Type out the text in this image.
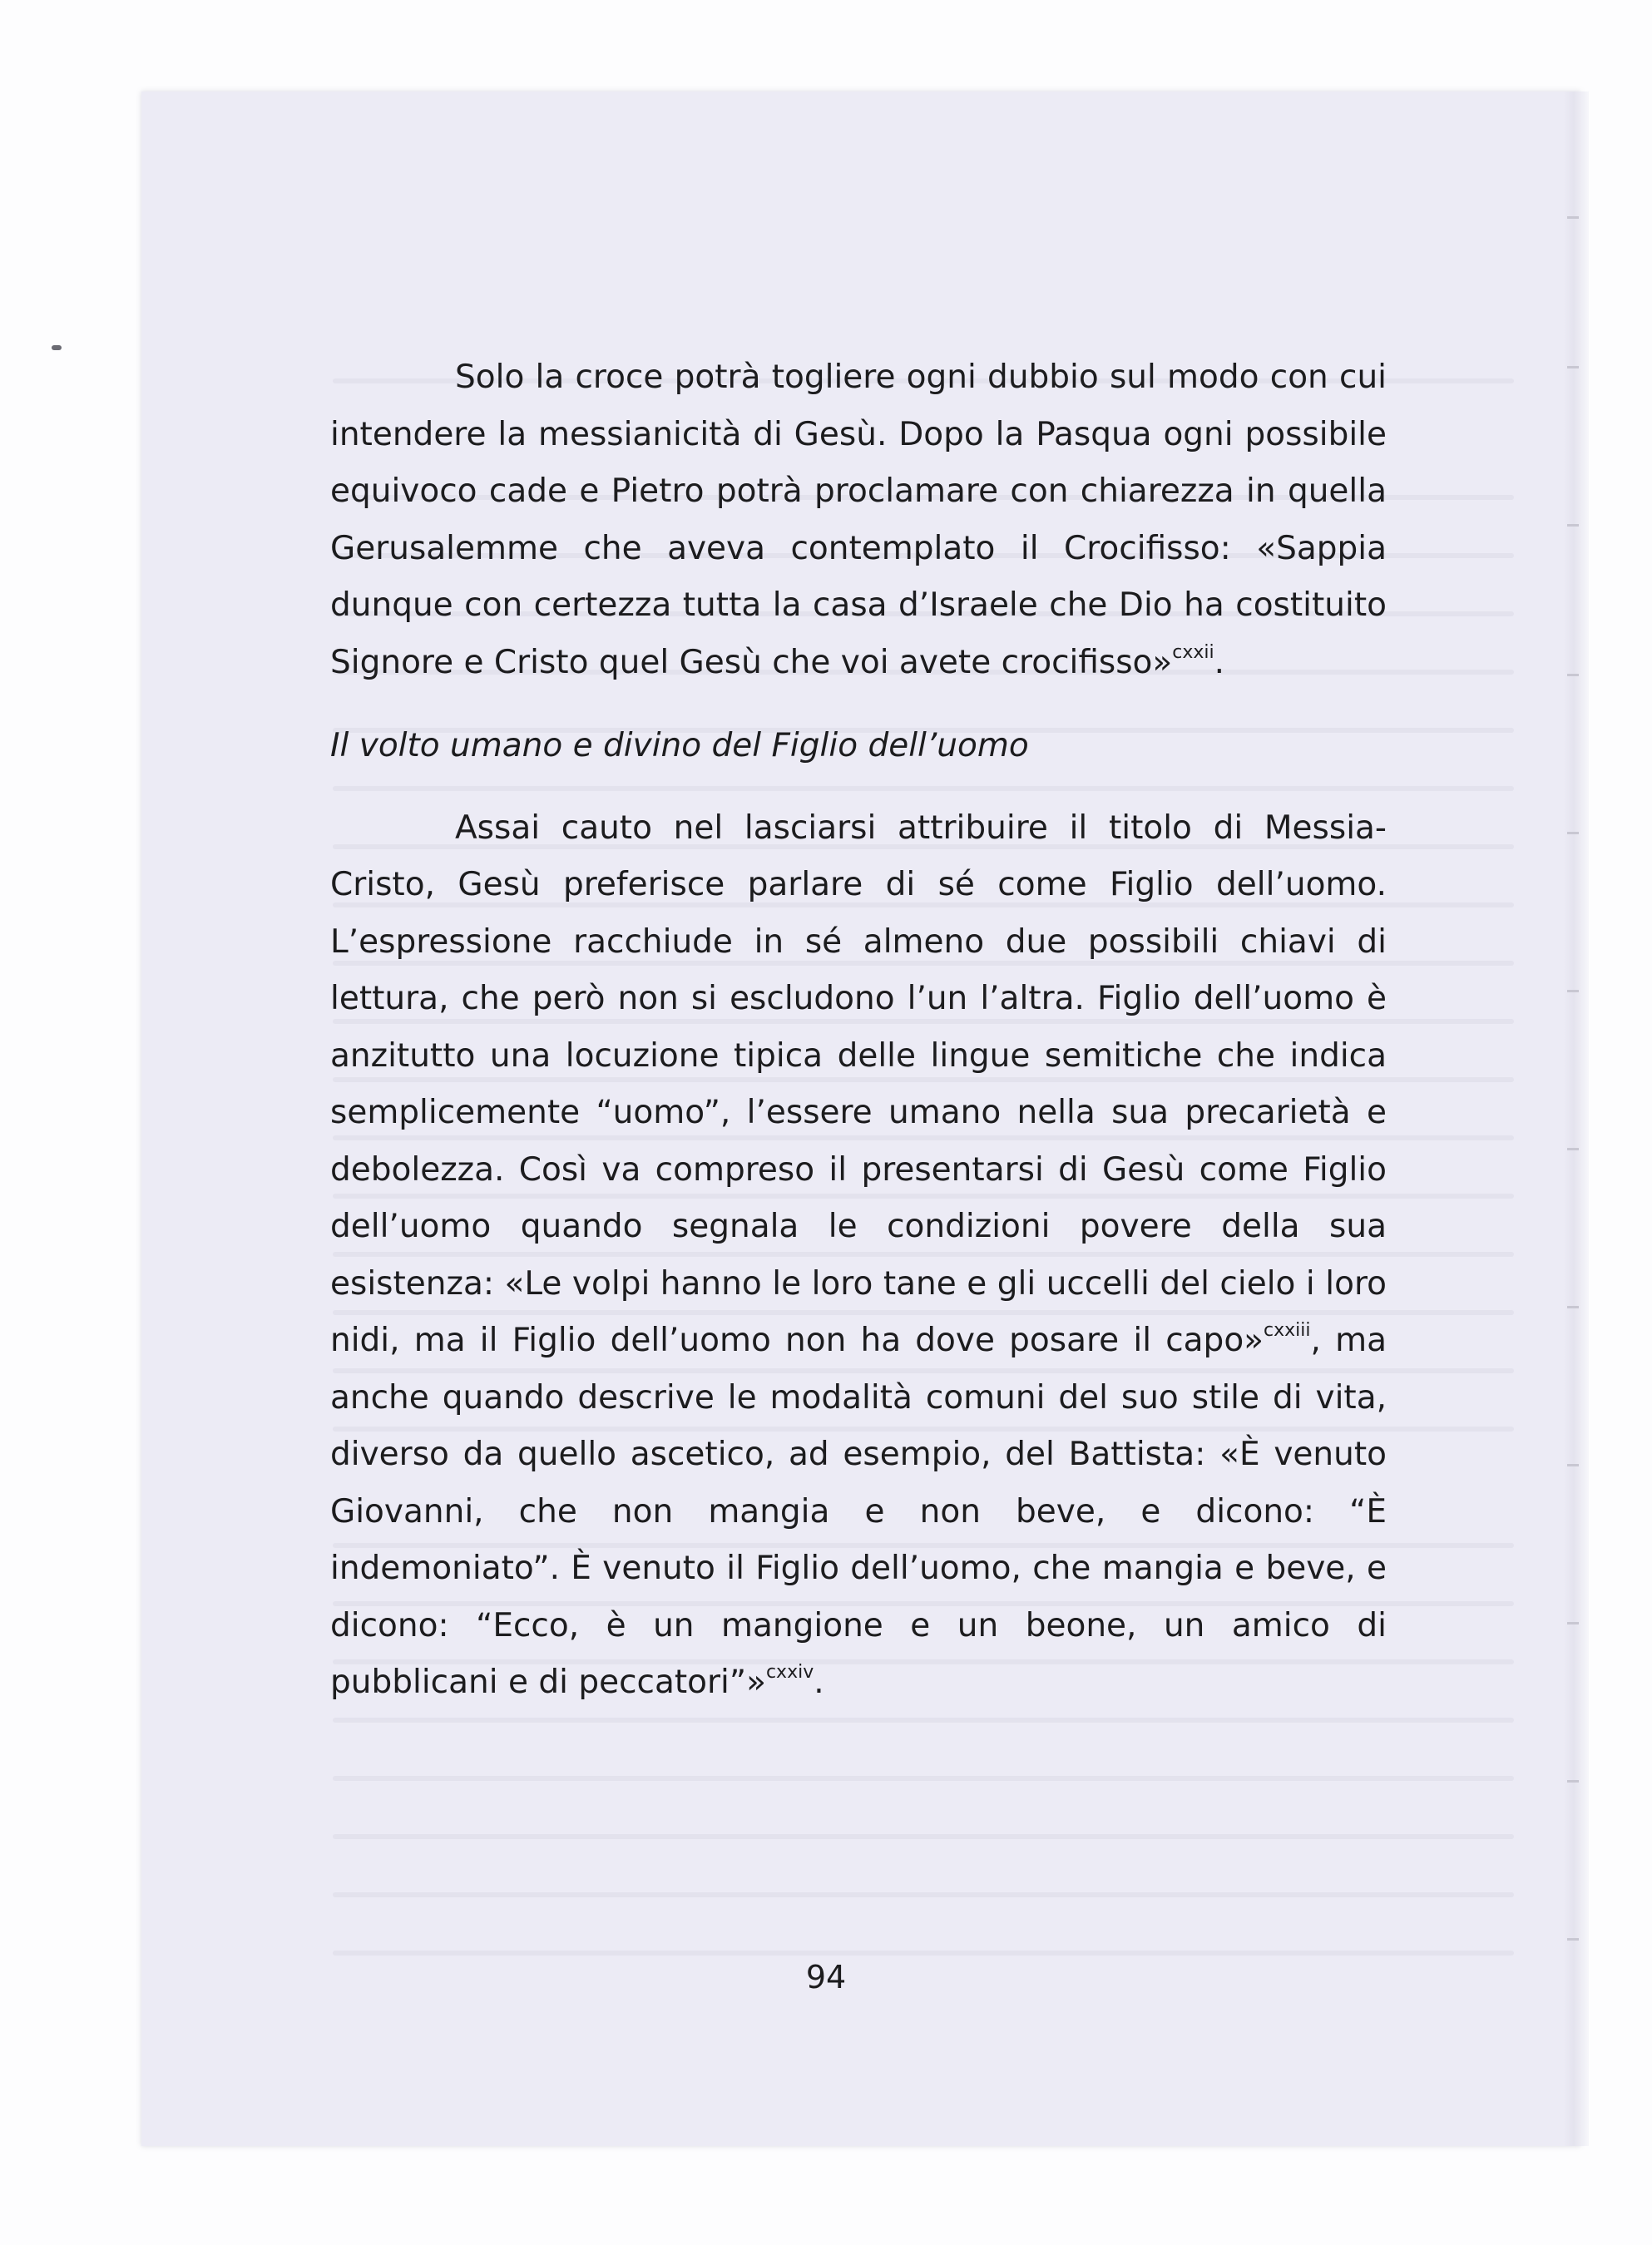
Solo la croce potrà togliere ogni dubbio sul modo con cui intendere la messianicità di Gesù. Dopo la Pasqua ogni possibile equivoco cade e Pietro potrà proclamare con chiarezza in quella Gerusalemme che aveva contemplato il Crocifisso: «Sappia dunque con certezza tutta la casa d’Israele che Dio ha costituito Signore e Cristo quel Gesù che voi avete crocifisso»$^{cxxii}$.

Il volto umano e divino del Figlio dell’uomo

Assai cauto nel lasciarsi attribuire il titolo di Messia-Cristo, Gesù preferisce parlare di sé come Figlio dell’uomo. L’espressione racchiude in sé almeno due possibili chiavi di lettura, che però non si escludono l’un l’altra. Figlio dell’uomo è anzitutto una locuzione tipica delle lingue semitiche che indica semplicemente “uomo”, l’essere umano nella sua precarietà e debolezza. Così va compreso il presentarsi di Gesù come Figlio dell’uomo quando segnala le condizioni povere della sua esistenza: «Le volpi hanno le loro tane e gli uccelli del cielo i loro nidi, ma il Figlio dell’uomo non ha dove posare il capo»$^{cxxiii}$, ma anche quando descrive le modalità comuni del suo stile di vita, diverso da quello ascetico, ad esempio, del Battista: «È venuto Giovanni, che non mangia e non beve, e dicono: “È indemoniato”. È venuto il Figlio dell’uomo, che mangia e beve, e dicono: “Ecco, è un mangione e un beone, un amico di pubblicani e di peccatori”»$^{cxxiv}$.

94
